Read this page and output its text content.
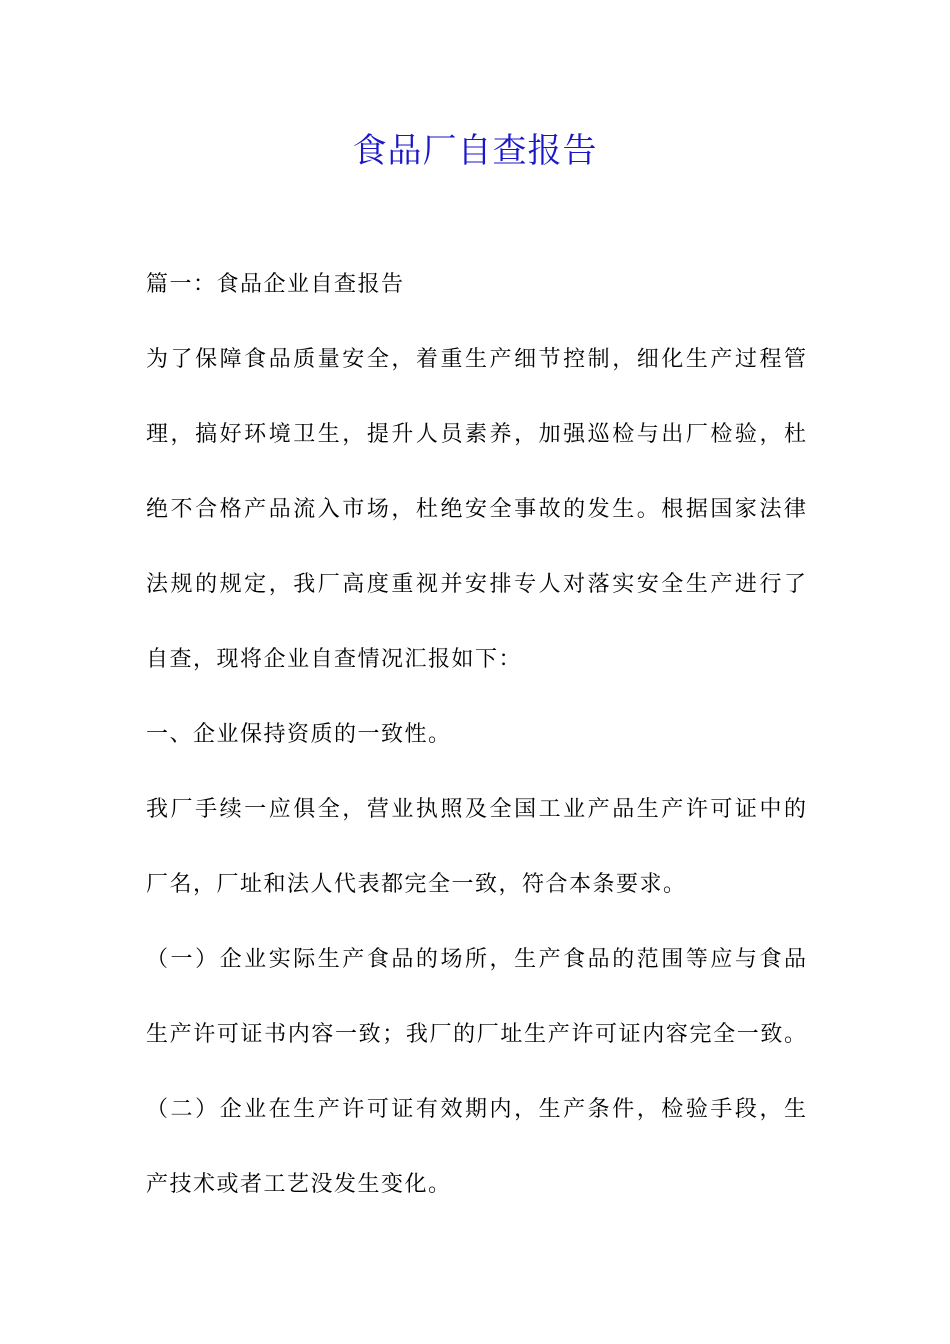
食品厂自查报告

篇一：食品企业自查报告

为了保障食品质量安全，着重生产细节控制，细化生产过程管

理，搞好环境卫生，提升人员素养，加强巡检与出厂检验，杜

绝不合格产品流入市场，杜绝安全事故的发生。根据国家法律

法规的规定，我厂高度重视并安排专人对落实安全生产进行了

自查，现将企业自查情况汇报如下：

一、企业保持资质的一致性。

我厂手续一应俱全，营业执照及全国工业产品生产许可证中的

厂名，厂址和法人代表都完全一致，符合本条要求。

（一）企业实际生产食品的场所，生产食品的范围等应与食品

生产许可证书内容一致；我厂的厂址生产许可证内容完全一致。

（二）企业在生产许可证有效期内，生产条件，检验手段，生

产技术或者工艺没发生变化。
